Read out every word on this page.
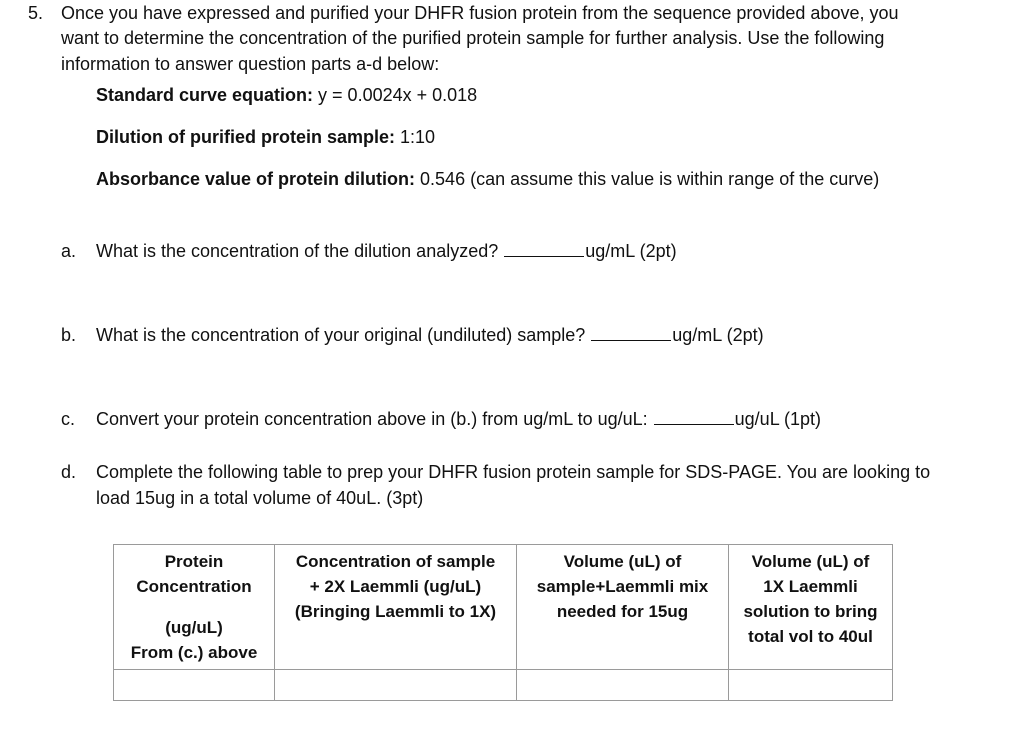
5. Once you have expressed and purified your DHFR fusion protein from the sequence provided above, you
want to determine the concentration of the purified protein sample for further analysis. Use the following
information to answer question parts a-d below:
Standard curve equation: y = 0.0024x + 0.018
Dilution of purified protein sample: 1:10
Absorbance value of protein dilution: 0.546 (can assume this value is within range of the curve)
a. What is the concentration of the dilution analyzed?	ug/mL (2pt)
b. What is the concentration of your original (undiluted) sample?	ug/mL (2pt)
c. Convert your protein concentration above in (b.) from ug/mL to ug/uL:	ug/uL (1pt)
d. Complete the following table to prep your DHFR fusion protein sample for SDS-PAGE. You are looking to
load 15ug in a total volume of 40uL. (3pt)
Protein
Concentration

(ug/uL)
From (c.) above	Concentration of sample
+ 2X Laemmli (ug/uL)
(Bringing Laemmli to 1X)	Volume (uL) of
sample+Laemmli mix
needed for 15ug	Volume (uL) of
1X Laemmli
solution to bring
total vol to 40ul
